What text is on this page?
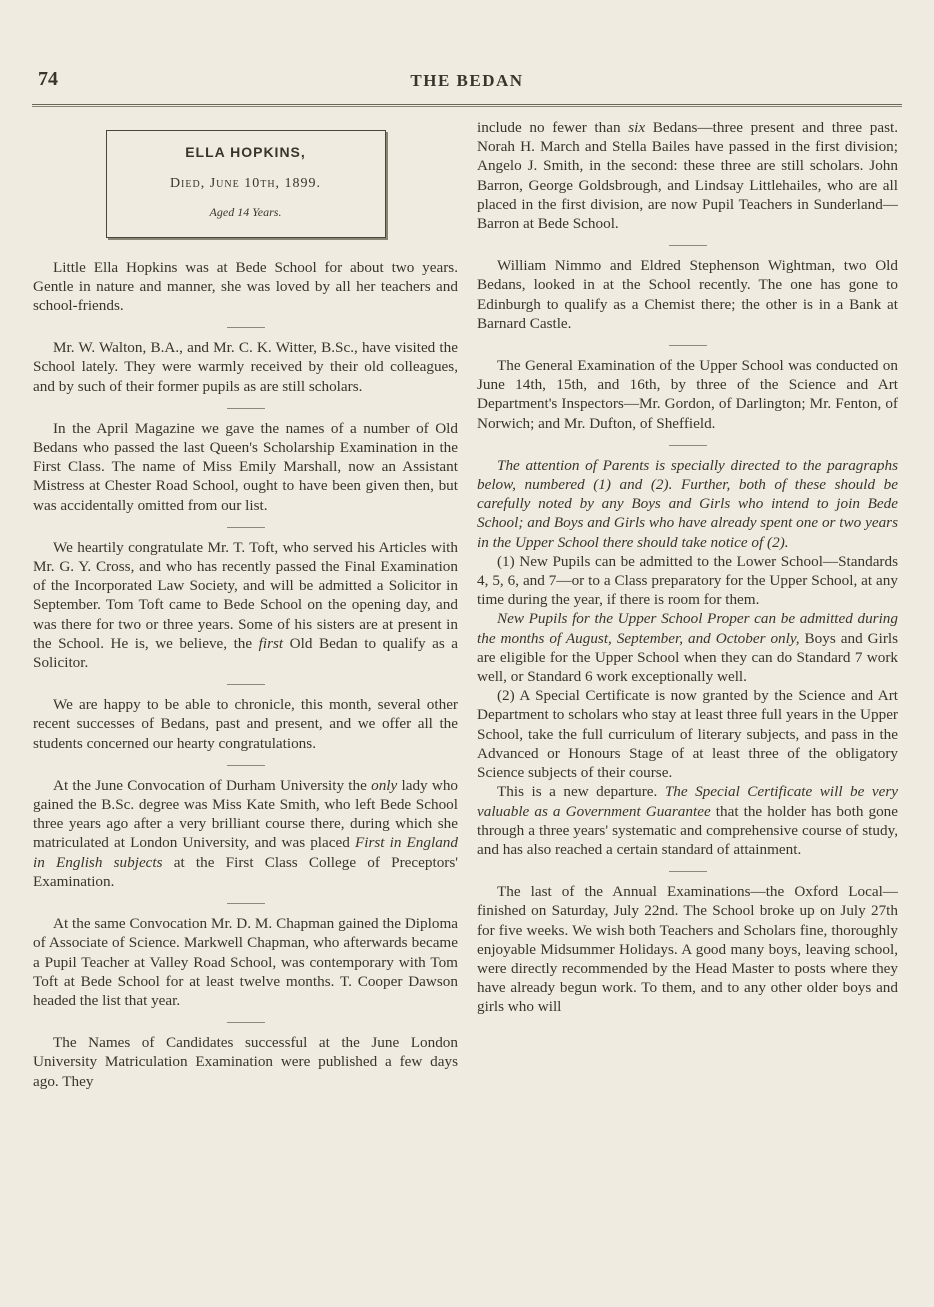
74	THE BEDAN
ELLA HOPKINS,
Died, June 10th, 1899.
Aged 14 Years.

Little Ella Hopkins was at Bede School for about two years. Gentle in nature and manner, she was loved by all her teachers and school-friends.

Mr. W. Walton, B.A., and Mr. C. K. Witter, B.Sc., have visited the School lately. They were warmly received by their old colleagues, and by such of their former pupils as are still scholars.

In the April Magazine we gave the names of a number of Old Bedans who passed the last Queen's Scholarship Examination in the First Class. The name of Miss Emily Marshall, now an Assistant Mistress at Chester Road School, ought to have been given then, but was accidentally omitted from our list.

We heartily congratulate Mr. T. Toft, who served his Articles with Mr. G. Y. Cross, and who has recently passed the Final Examination of the Incorporated Law Society, and will be admitted a Solicitor in September. Tom Toft came to Bede School on the opening day, and was there for two or three years. Some of his sisters are at present in the School. He is, we believe, the first Old Bedan to qualify as a Solicitor.

We are happy to be able to chronicle, this month, several other recent successes of Bedans, past and present, and we offer all the students concerned our hearty congratulations.

At the June Convocation of Durham University the only lady who gained the B.Sc. degree was Miss Kate Smith, who left Bede School three years ago after a very brilliant course there, during which she matriculated at London University, and was placed First in England in English subjects at the First Class College of Preceptors' Examination.

At the same Convocation Mr. D. M. Chapman gained the Diploma of Associate of Science. Markwell Chapman, who afterwards became a Pupil Teacher at Valley Road School, was contemporary with Tom Toft at Bede School for at least twelve months. T. Cooper Dawson headed the list that year.

The Names of Candidates successful at the June London University Matriculation Examination were published a few days ago. They

include no fewer than six Bedans—three present and three past. Norah H. March and Stella Bailes have passed in the first division; Angelo J. Smith, in the second: these three are still scholars. John Barron, George Goldsbrough, and Lindsay Littlehailes, who are all placed in the first division, are now Pupil Teachers in Sunderland—Barron at Bede School.

William Nimmo and Eldred Stephenson Wightman, two Old Bedans, looked in at the School recently. The one has gone to Edinburgh to qualify as a Chemist there; the other is in a Bank at Barnard Castle.

The General Examination of the Upper School was conducted on June 14th, 15th, and 16th, by three of the Science and Art Department's Inspectors—Mr. Gordon, of Darlington; Mr. Fenton, of Norwich; and Mr. Dufton, of Sheffield.

The attention of Parents is specially directed to the paragraphs below, numbered (1) and (2). Further, both of these should be carefully noted by any Boys and Girls who intend to join Bede School; and Boys and Girls who have already spent one or two years in the Upper School there should take notice of (2).

(1) New Pupils can be admitted to the Lower School—Standards 4, 5, 6, and 7—or to a Class preparatory for the Upper School, at any time during the year, if there is room for them.

New Pupils for the Upper School Proper can be admitted during the months of August, September, and October only, Boys and Girls are eligible for the Upper School when they can do Standard 7 work well, or Standard 6 work exceptionally well.

(2) A Special Certificate is now granted by the Science and Art Department to scholars who stay at least three full years in the Upper School, take the full curriculum of literary subjects, and pass in the Advanced or Honours Stage of at least three of the obligatory Science subjects of their course.

This is a new departure. The Special Certificate will be very valuable as a Government Guarantee that the holder has both gone through a three years' systematic and comprehensive course of study, and has also reached a certain standard of attainment.

The last of the Annual Examinations—the Oxford Local—finished on Saturday, July 22nd. The School broke up on July 27th for five weeks. We wish both Teachers and Scholars fine, thoroughly enjoyable Midsummer Holidays. A good many boys, leaving school, were directly recommended by the Head Master to posts where they have already begun work. To them, and to any other older boys and girls who will
